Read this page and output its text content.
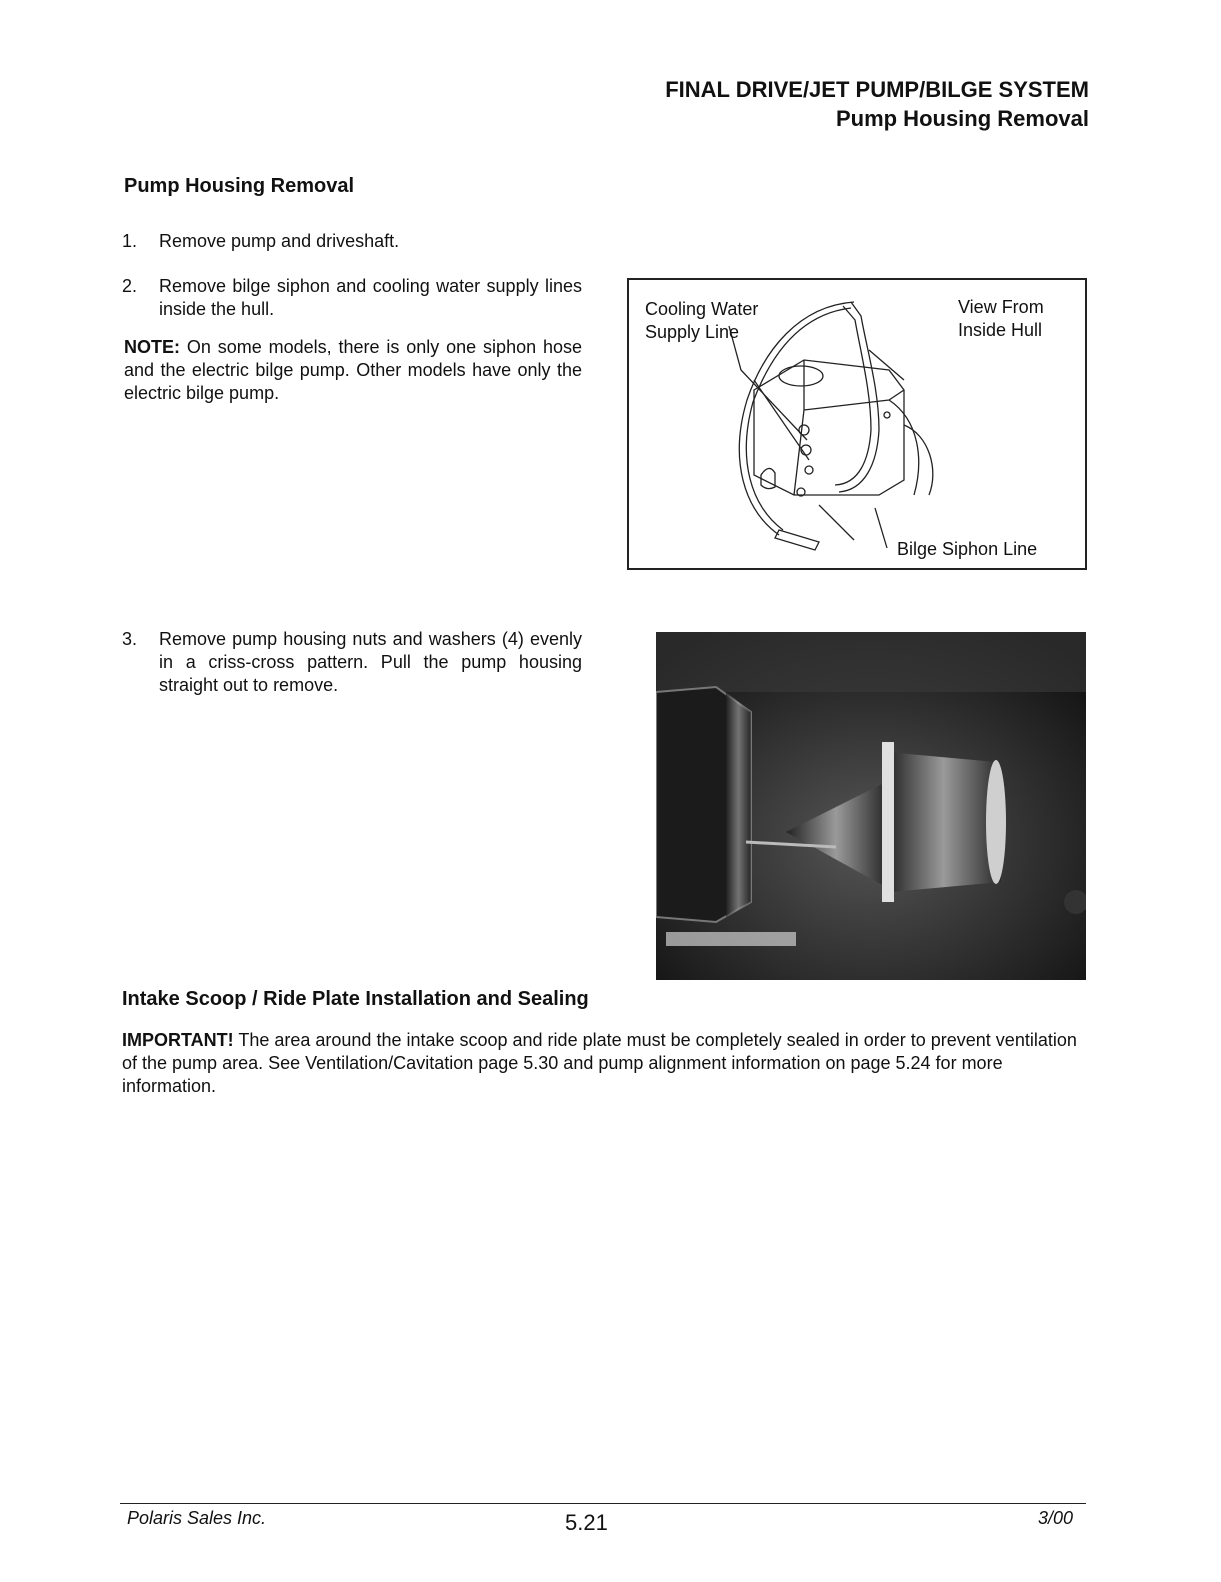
FINAL DRIVE/JET PUMP/BILGE SYSTEM
Pump Housing Removal
Pump Housing Removal
1. Remove pump and driveshaft.
2. Remove bilge siphon and cooling water supply lines inside the hull.
NOTE: On some models, there is only one siphon hose and the electric bilge pump. Other models have only the electric bilge pump.
3. Remove pump housing nuts and washers (4) evenly in a criss-cross pattern. Pull the pump housing straight out to remove.
Cooling Water
Supply Line
View From
Inside Hull
Bilge Siphon Line
Intake Scoop / Ride Plate Installation and Sealing
IMPORTANT! The area around the intake scoop and ride plate must be completely sealed in order to prevent ventilation of the pump area. See Ventilation/Cavitation page 5.30 and pump alignment information on page 5.24 for more information.
Polaris Sales Inc.	5.21	3/00
